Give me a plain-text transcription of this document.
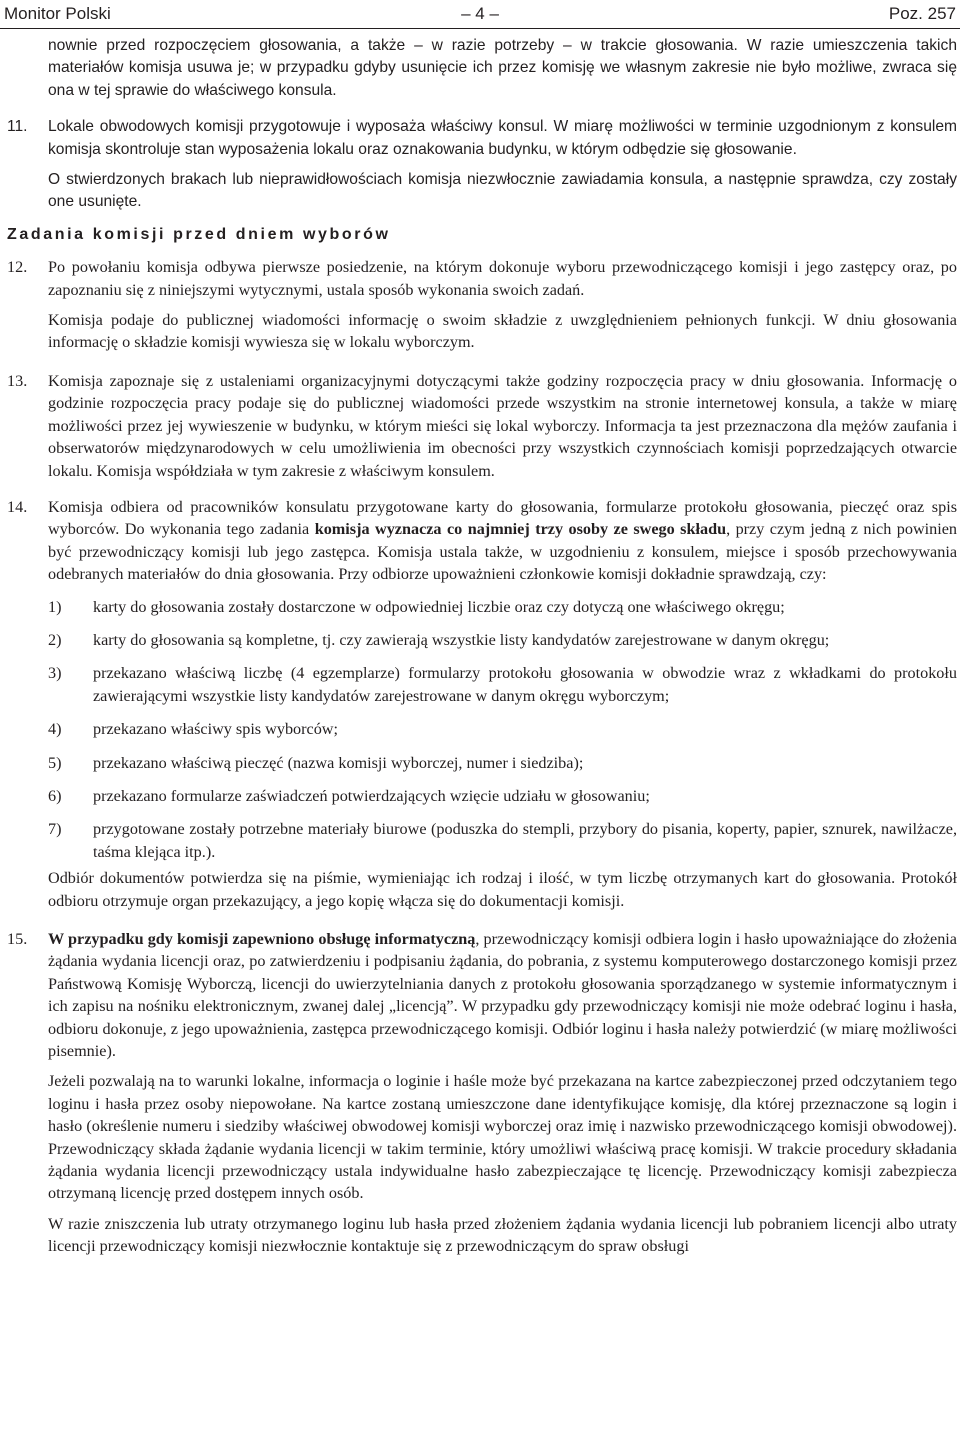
Monitor Polski	– 4 –	Poz. 257

nownie przed rozpoczęciem głosowania, a także – w razie potrzeby – w trakcie głosowania. W razie umieszczenia takich materiałów komisja usuwa je; w przypadku gdyby usunięcie ich przez komisję we własnym zakresie nie było możliwe, zwraca się ona w tej sprawie do właściwego konsula.

11. Lokale obwodowych komisji przygotowuje i wyposaża właściwy konsul. W miarę możliwości w terminie uzgodnionym z konsulem komisja skontroluje stan wyposażenia lokalu oraz oznakowania budynku, w którym odbędzie się głosowanie.

O stwierdzonych brakach lub nieprawidłowościach komisja niezwłocznie zawiadamia konsula, a następnie sprawdza, czy zostały one usunięte.

Zadania komisji przed dniem wyborów
12. Po powołaniu komisja odbywa pierwsze posiedzenie, na którym dokonuje wyboru przewodniczącego komisji i jego zastępcy oraz, po zapoznaniu się z niniejszymi wytycznymi, ustala sposób wykonania swoich zadań.

Komisja podaje do publicznej wiadomości informację o swoim składzie z uwzględnieniem pełnionych funkcji. W dniu głosowania informację o składzie komisji wywiesza się w lokalu wyborczym.

13. Komisja zapoznaje się z ustaleniami organizacyjnymi dotyczącymi także godziny rozpoczęcia pracy w dniu głosowania. Informację o godzinie rozpoczęcia pracy podaje się do publicznej wiadomości przede wszystkim na stronie internetowej konsula, a także w miarę możliwości przez jej wywieszenie w budynku, w którym mieści się lokal wyborczy. Informacja ta jest przeznaczona dla mężów zaufania i obserwatorów międzynarodowych w celu umożliwienia im obecności przy wszystkich czynnościach komisji poprzedzających otwarcie lokalu. Komisja współdziała w tym zakresie z właściwym konsulem.

14. Komisja odbiera od pracowników konsulatu przygotowane karty do głosowania, formularze protokołu głosowania, pieczęć oraz spis wyborców. Do wykonania tego zadania komisja wyznacza co najmniej trzy osoby ze swego składu, przy czym jedną z nich powinien być przewodniczący komisji lub jego zastępca. Komisja ustala także, w uzgodnieniu z konsulem, miejsce i sposób przechowywania odebranych materiałów do dnia głosowania. Przy odbiorze upoważnieni członkowie komisji dokładnie sprawdzają, czy:

1) karty do głosowania zostały dostarczone w odpowiedniej liczbie oraz czy dotyczą one właściwego okręgu;
2) karty do głosowania są kompletne, tj. czy zawierają wszystkie listy kandydatów zarejestrowane w danym okręgu;
3) przekazano właściwą liczbę (4 egzemplarze) formularzy protokołu głosowania w obwodzie wraz z wkładkami do protokołu zawierającymi wszystkie listy kandydatów zarejestrowane w danym okręgu wyborczym;
4) przekazano właściwy spis wyborców;
5) przekazano właściwą pieczęć (nazwa komisji wyborczej, numer i siedziba);
6) przekazano formularze zaświadczeń potwierdzających wzięcie udziału w głosowaniu;
7) przygotowane zostały potrzebne materiały biurowe (poduszka do stempli, przybory do pisania, koperty, papier, sznurek, nawilżacze, taśma klejąca itp.).

Odbiór dokumentów potwierdza się na piśmie, wymieniając ich rodzaj i ilość, w tym liczbę otrzymanych kart do głosowania. Protokół odbioru otrzymuje organ przekazujący, a jego kopię włącza się do dokumentacji komisji.

15. W przypadku gdy komisji zapewniono obsługę informatyczną, przewodniczący komisji odbiera login i hasło upoważniające do złożenia żądania wydania licencji oraz, po zatwierdzeniu i podpisaniu żądania, do pobrania, z systemu komputerowego dostarczonego komisji przez Państwową Komisję Wyborczą, licencji do uwierzytelniania danych z protokołu głosowania sporządzanego w systemie informatycznym i ich zapisu na nośniku elektronicznym, zwanej dalej „licencją”. W przypadku gdy przewodniczący komisji nie może odebrać loginu i hasła, odbioru dokonuje, z jego upoważnienia, zastępca przewodniczącego komisji. Odbiór loginu i hasła należy potwierdzić (w miarę możliwości pisemnie).

Jeżeli pozwalają na to warunki lokalne, informacja o loginie i haśle może być przekazana na kartce zabezpieczonej przed odczytaniem tego loginu i hasła przez osoby niepowołane. Na kartce zostaną umieszczone dane identyfikujące komisję, dla której przeznaczone są login i hasło (określenie numeru i siedziby właściwej obwodowej komisji wyborczej oraz imię i nazwisko przewodniczącego komisji obwodowej). Przewodniczący składa żądanie wydania licencji w takim terminie, który umożliwi właściwą pracę komisji. W trakcie procedury składania żądania wydania licencji przewodniczący ustala indywidualne hasło zabezpieczające tę licencję. Przewodniczący komisji zabezpiecza otrzymaną licencję przed dostępem innych osób.

W razie zniszczenia lub utraty otrzymanego loginu lub hasła przed złożeniem żądania wydania licencji lub pobraniem licencji albo utraty licencji przewodniczący komisji niezwłocznie kontaktuje się z przewodniczącym do spraw obsługi
